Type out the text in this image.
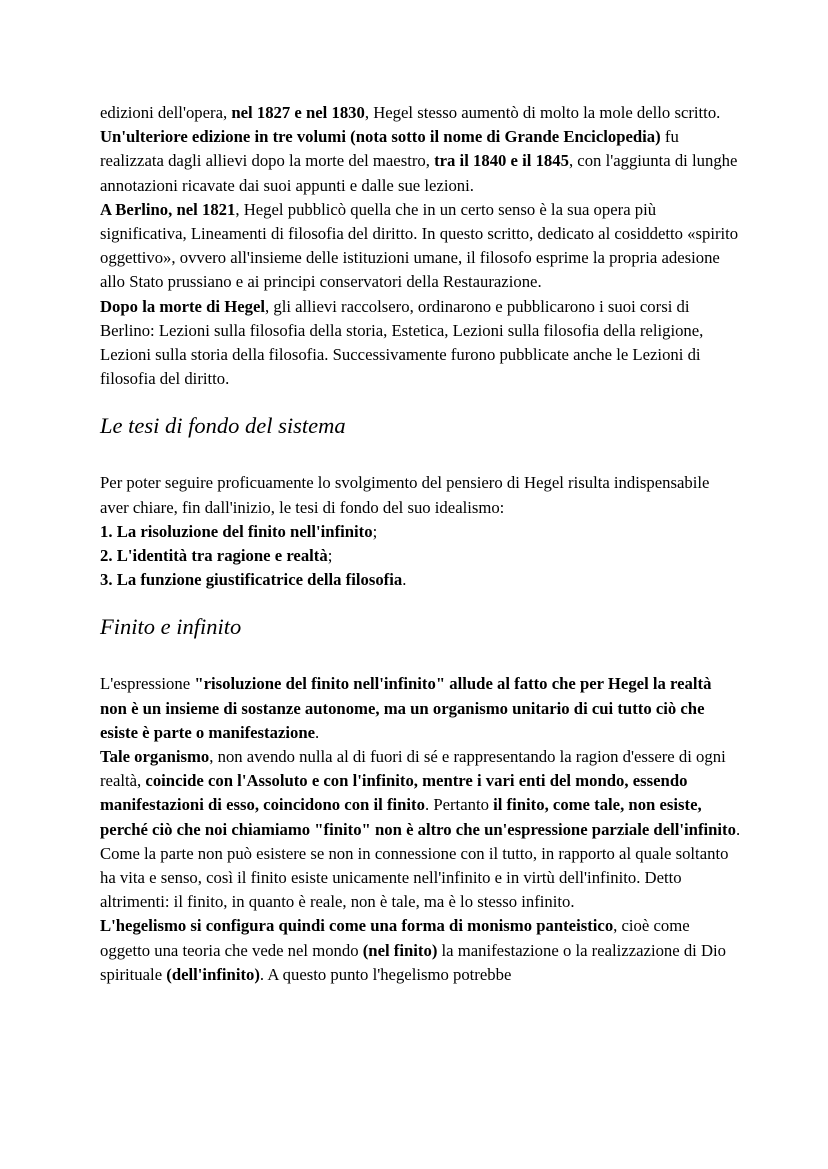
edizioni dell'opera, nel 1827 e nel 1830, Hegel stesso aumentò di molto la mole dello scritto.

Un'ulteriore edizione in tre volumi (nota sotto il nome di Grande Enciclopedia) fu realizzata dagli allievi dopo la morte del maestro, tra il 1840 e il 1845, con l'aggiunta di lunghe annotazioni ricavate dai suoi appunti e dalle sue lezioni.

A Berlino, nel 1821, Hegel pubblicò quella che in un certo senso è la sua opera più significativa, Lineamenti di filosofia del diritto. In questo scritto, dedicato al cosiddetto «spirito oggettivo», ovvero all'insieme delle istituzioni umane, il filosofo esprime la propria adesione allo Stato prussiano e ai principi conservatori della Restaurazione.

Dopo la morte di Hegel, gli allievi raccolsero, ordinarono e pubblicarono i suoi corsi di Berlino: Lezioni sulla filosofia della storia, Estetica, Lezioni sulla filosofia della religione, Lezioni sulla storia della filosofia. Successivamente furono pubblicate anche le Lezioni di filosofia del diritto.

Le tesi di fondo del sistema

Per poter seguire proficuamente lo svolgimento del pensiero di Hegel risulta indispensabile aver chiare, fin dall'inizio, le tesi di fondo del suo idealismo:

1. La risoluzione del finito nell'infinito;

2. L'identità tra ragione e realtà;

3. La funzione giustificatrice della filosofia.

Finito e infinito

L'espressione "risoluzione del finito nell'infinito" allude al fatto che per Hegel la realtà non è un insieme di sostanze autonome, ma un organismo unitario di cui tutto ciò che esiste è parte o manifestazione.

Tale organismo, non avendo nulla al di fuori di sé e rappresentando la ragion d'essere di ogni realtà, coincide con l'Assoluto e con l'infinito, mentre i vari enti del mondo, essendo manifestazioni di esso, coincidono con il finito. Pertanto il finito, come tale, non esiste, perché ciò che noi chiamiamo "finito" non è altro che un'espressione parziale dell'infinito. Come la parte non può esistere se non in connessione con il tutto, in rapporto al quale soltanto ha vita e senso, così il finito esiste unicamente nell'infinito e in virtù dell'infinito. Detto altrimenti: il finito, in quanto è reale, non è tale, ma è lo stesso infinito.

L'hegelismo si configura quindi come una forma di monismo panteistico, cioè come oggetto una teoria che vede nel mondo (nel finito) la manifestazione o la realizzazione di Dio spirituale (dell'infinito). A questo punto l'hegelismo potrebbe
